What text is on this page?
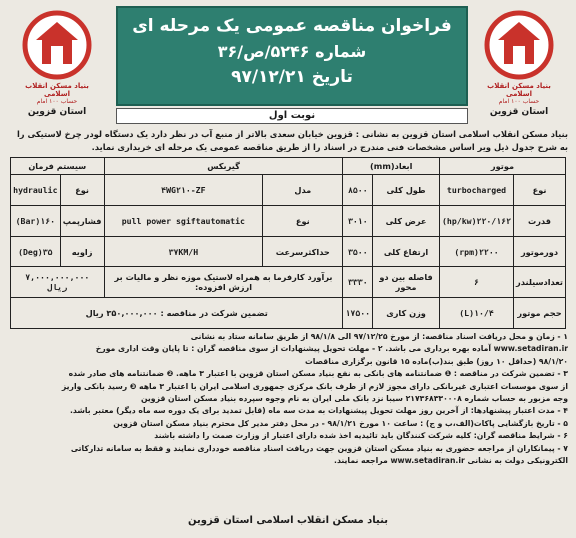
بنیاد مسکن انقلاب اسلامی
حساب ۱۰۰ امام
استان قزوین
فراخوان مناقصه عمومی یک مرحله ای
شماره ۵۲۴۶/ص/۳۶
تاریخ ۹۷/۱۲/۲۱
نوبت اول
بنیاد مسکن انقلاب اسلامی
حساب ۱۰۰ امام
استان قزوین
بنیاد مسکن انقلاب اسلامی استان قزوین به نشانی : قزوین خیابان سعدی بالاتر از منبع آب در نظر دارد یک دستگاه لودر چرخ لاستیکی را به شرح جدول ذیل ویر اساس مشخصات فنی مندرج در اسناد را از طریق مناقصه عمومی یک مرحله ای خریداری نماید.
موتور		ابعاد(mm)		گیربکس		سیستم فرمان	
نوع	turbocharged	طول کلی	۸۵۰۰	مدل	۴WG۲۱۰-ZF	نوع	hydraulic
قدرت	۲۲۰/۱۶۲(hp/kw)	عرض کلی	۳۰۱۰	نوع	pull power sgiftautomatic	فشارپمپ	۱۶۰(Bar)
دورموتور	۲۲۰۰(rpm)	ارتفاع کلی	۳۵۰۰	حداکثرسرعت	۳۷KM/H	زاویه	۳۵(Deg)
تعدادسیلندر	۶	فاصله بین دو محور	۳۳۳۰	برآورد کارفرما به همراه لاستیک موزه نظر و مالیات بر ارزش افزوده:		۷,۰۰۰,۰۰۰,۰۰۰ ریال	
حجم موتور	۱۰/۴(L)	وزن کاری	۱۷۵۰۰	تضمین شرکت در مناقصه : ۳۵۰,۰۰۰,۰۰۰ ریال			
۱ - زمان و محل دریافت اسناد مناقصه: از مورخ ۹۷/۱۲/۲۵ الی ۹۸/۱/۸ از طریق سامانه ستاد به نشانی
www.setadiran.ir آماده بهره برداری می باشد. ۲ - مهلت تحویل پیشنهادات از سوی مناقصه گران : تا پایان وقت اداری مورخ
۹۸/۱/۲۰ (حداقل ۱۰ روز) طبق بند(ب)ماده ۱۵ قانون برگزاری مناقصات
۳ - تضمین شرکت در مناقصه : ❶ ضمانتنامه های بانکی به نفع بنیاد مسکن استان قزوین با اعتبار ۳ ماهه. ❷ ضمانتنامه های صادر شده
از سوی موسسات اعتباری غیربانکی دارای مجوز لازم از طرف بانک مرکزی جمهوری اسلامی ایران با اعتبار ۳ ماهه ❸ رسید بانکی واریز
وجه مزبور به حساب شماره ۲۱۷۳۶۸۳۳۰۰۰۸ سیبا نزد بانک ملی ایران به نام وجوه سپرده بنیاد مسکن استان قزوین
۴ - مدت اعتبار پیشنهادها: از آخرین روز مهلت تحویل پیشنهادات به مدت سه ماه (قابل تمدید برای یک دوره سه ماه دیگر) معتبر باشد.
۵ - تاریخ بازگشایی پاکات(الف،ب و ج) : ساعت ۱۰ مورخ ۹۸/۱/۲۱ - در محل دفتر مدیر کل محترم بنیاد مسکن استان قزوین
۶ - شرایط مناقصه گران: کلیه شرکت کنندگان باید تائیدیه اخذ شده دارای اعتبار از وزارت صمت را داشته باشند
۷ - پیمانکاران از مراجعه حضوری به بنیاد مسکن استان قزوین جهت دریافت اسناد مناقصه خودداری نمایند و فقط به سامانه تدارکاتی
الکترونیکی دولت به نشانی www.setadiran.ir مراجعه نمایند.
بنیاد مسکن انقلاب اسلامی استان قزوین
